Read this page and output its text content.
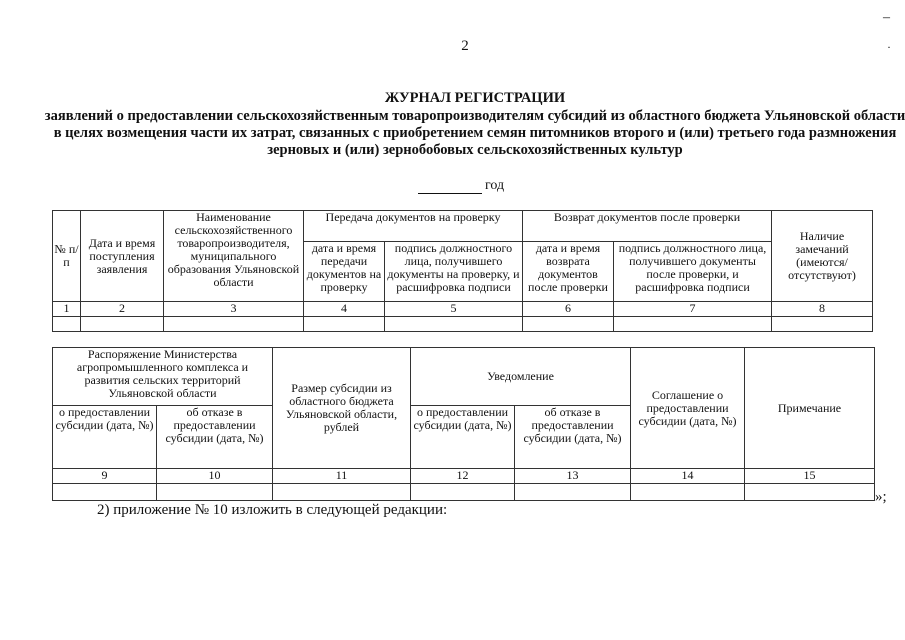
–
·
2
ЖУРНАЛ РЕГИСТРАЦИИ
заявлений о предоставлении сельскохозяйственным товаропроизводителям субсидий из областного бюджета Ульяновской области в целях возмещения части их затрат, связанных с приобретением семян питомников второго и (или) третьего года размножения зерновых и (или) зернобобовых сельскохозяйственных культур
год
№ п/п	Дата и время поступления заявления	Наименование сельскохозяйственного товаропроизводителя, муниципального образования Ульяновской области	Передача документов на проверку		Возврат документов после проверки		Наличие замечаний (имеются/ отсутствуют)
			дата и время передачи документов на проверку	подпись должностного лица, получившего документы на проверку, и расшифровка подписи	дата и время возврата документов после проверки	подпись должностного лица, получившего документы после проверки, и расшифровка подписи	
1	2	3	4	5	6	7	8

Распоряжение Министерства агропромышленного комплекса и развития сельских территорий Ульяновской области		Размер субсидии из областного бюджета Ульяновской области, рублей	Уведомление		Соглашение о предоставлении субсидии (дата, №)	Примечание
о предоставлении субсидии (дата, №)	об отказе в предоставлении субсидии (дата, №)		о предоставлении субсидии (дата, №)	об отказе в предоставлении субсидии (дата, №)		
9	10	11	12	13	14	15

»;
2) приложение № 10 изложить в следующей редакции:
